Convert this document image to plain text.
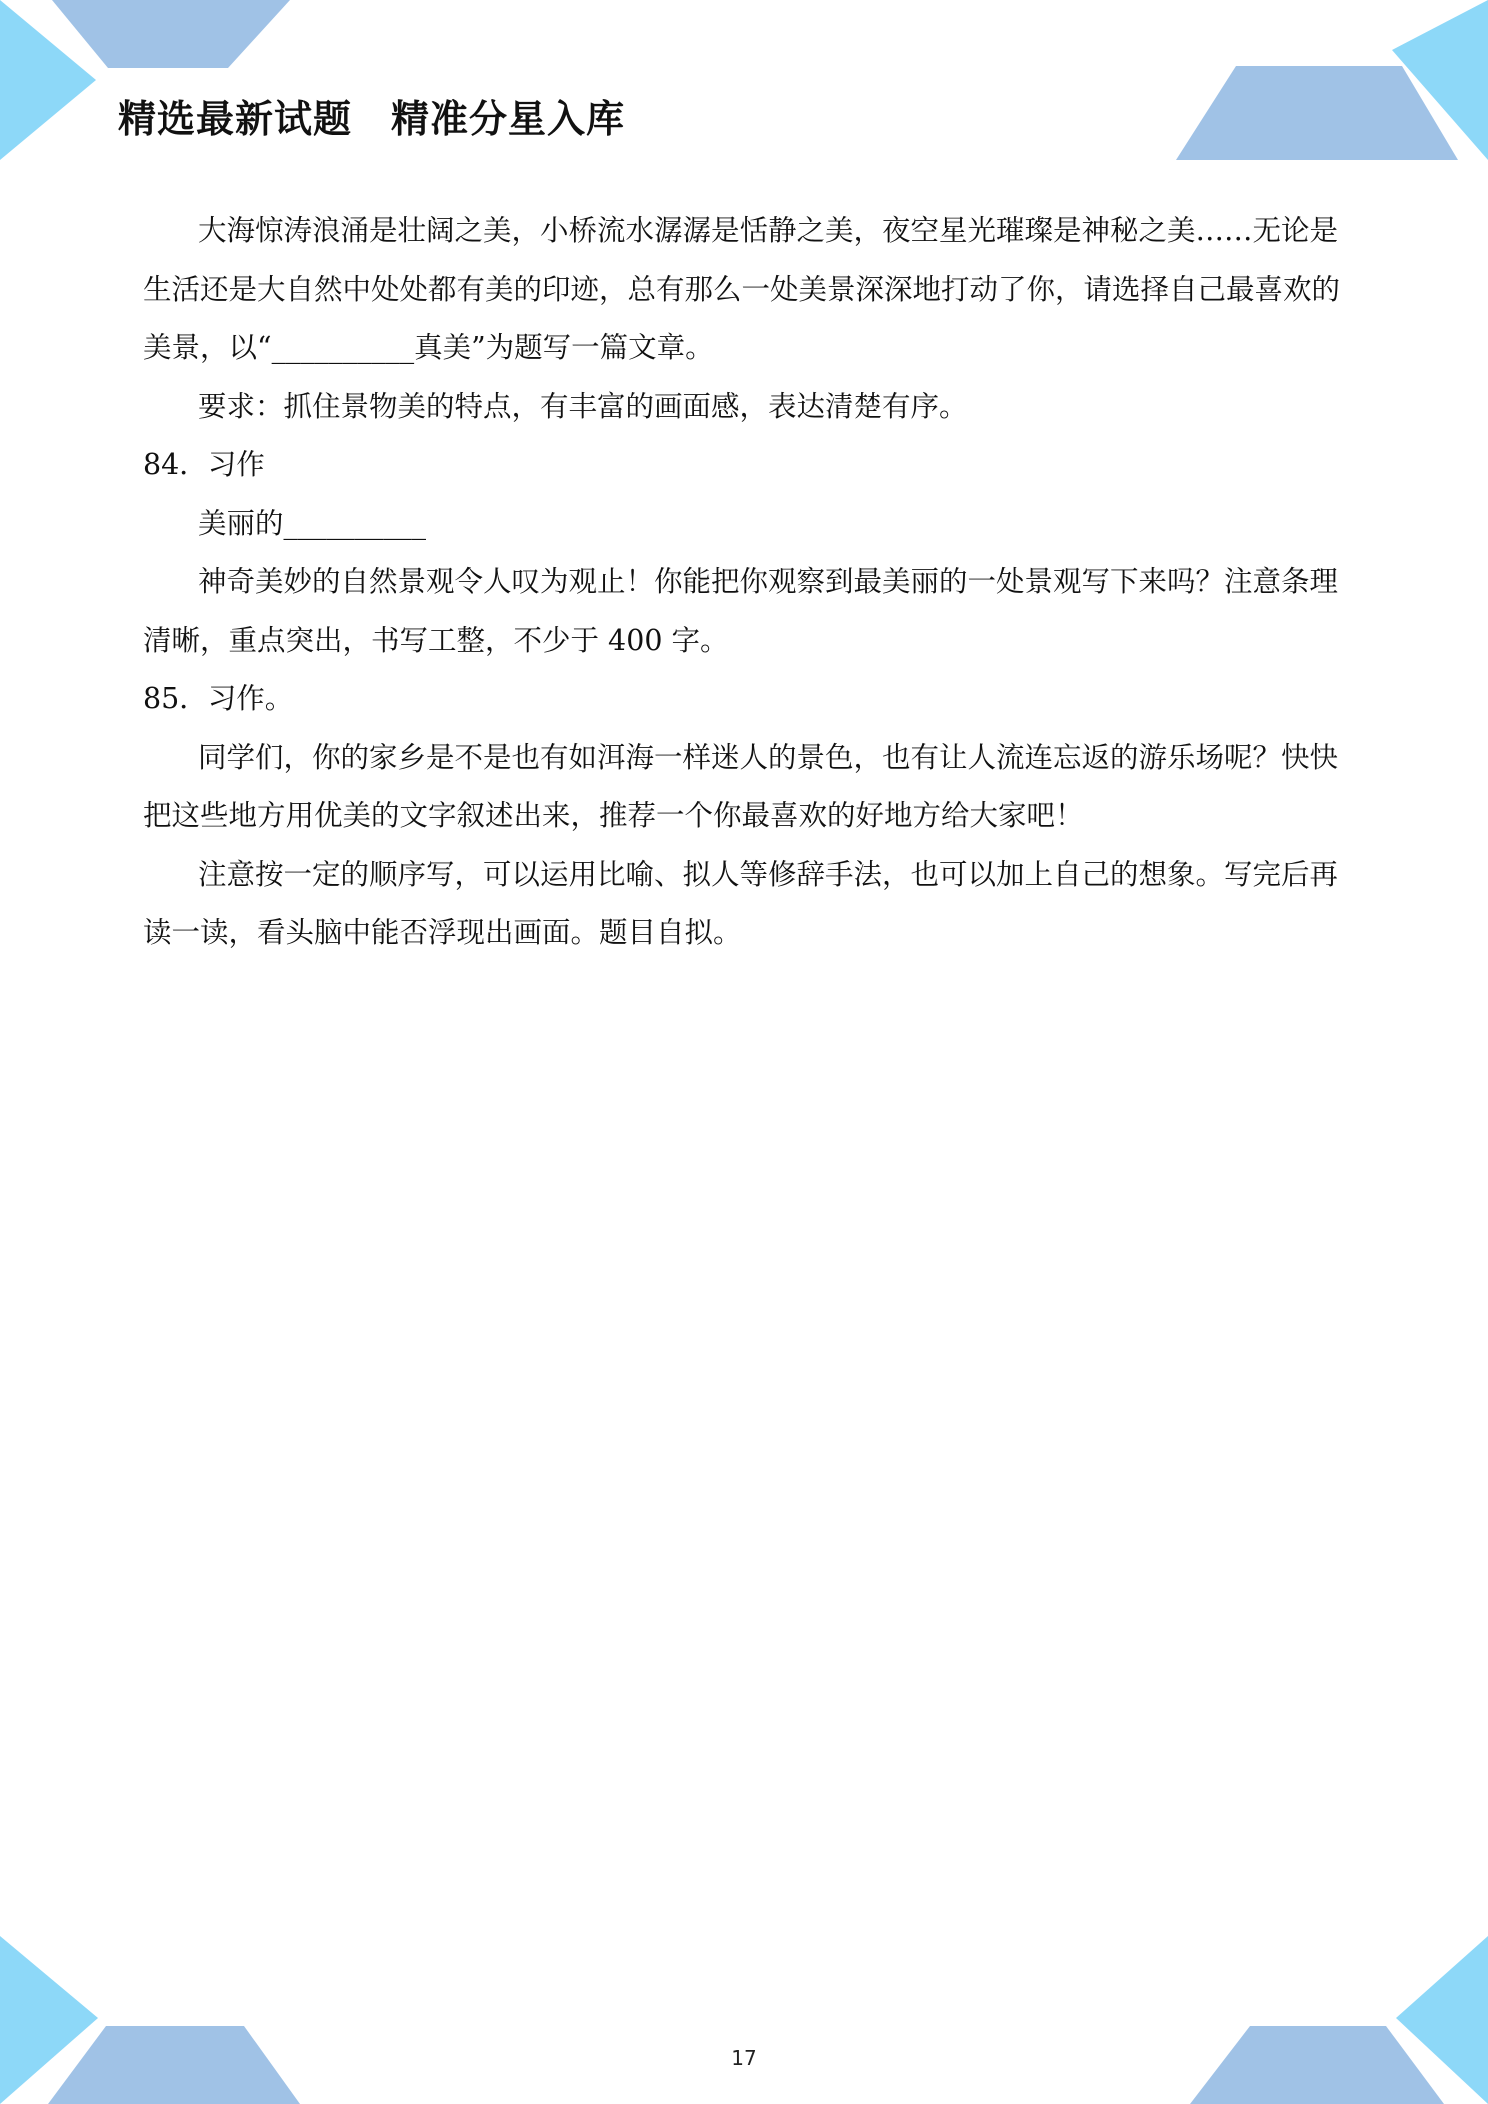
精选最新试题　精准分星入库

大海惊涛浪涌是壮阔之美，小桥流水潺潺是恬静之美，夜空星光璀璨是神秘之美……无论是生活还是大自然中处处都有美的印迹，总有那么一处美景深深地打动了你，请选择自己最喜欢的美景，以“__________真美”为题写一篇文章。

要求：抓住景物美的特点，有丰富的画面感，表达清楚有序。

84．习作

美丽的__________

神奇美妙的自然景观令人叹为观止！你能把你观察到最美丽的一处景观写下来吗？注意条理清晰，重点突出，书写工整，不少于 400 字。

85．习作。

同学们，你的家乡是不是也有如洱海一样迷人的景色，也有让人流连忘返的游乐场呢？快快把这些地方用优美的文字叙述出来，推荐一个你最喜欢的好地方给大家吧！

注意按一定的顺序写，可以运用比喻、拟人等修辞手法，也可以加上自己的想象。写完后再读一读，看头脑中能否浮现出画面。题目自拟。

17
